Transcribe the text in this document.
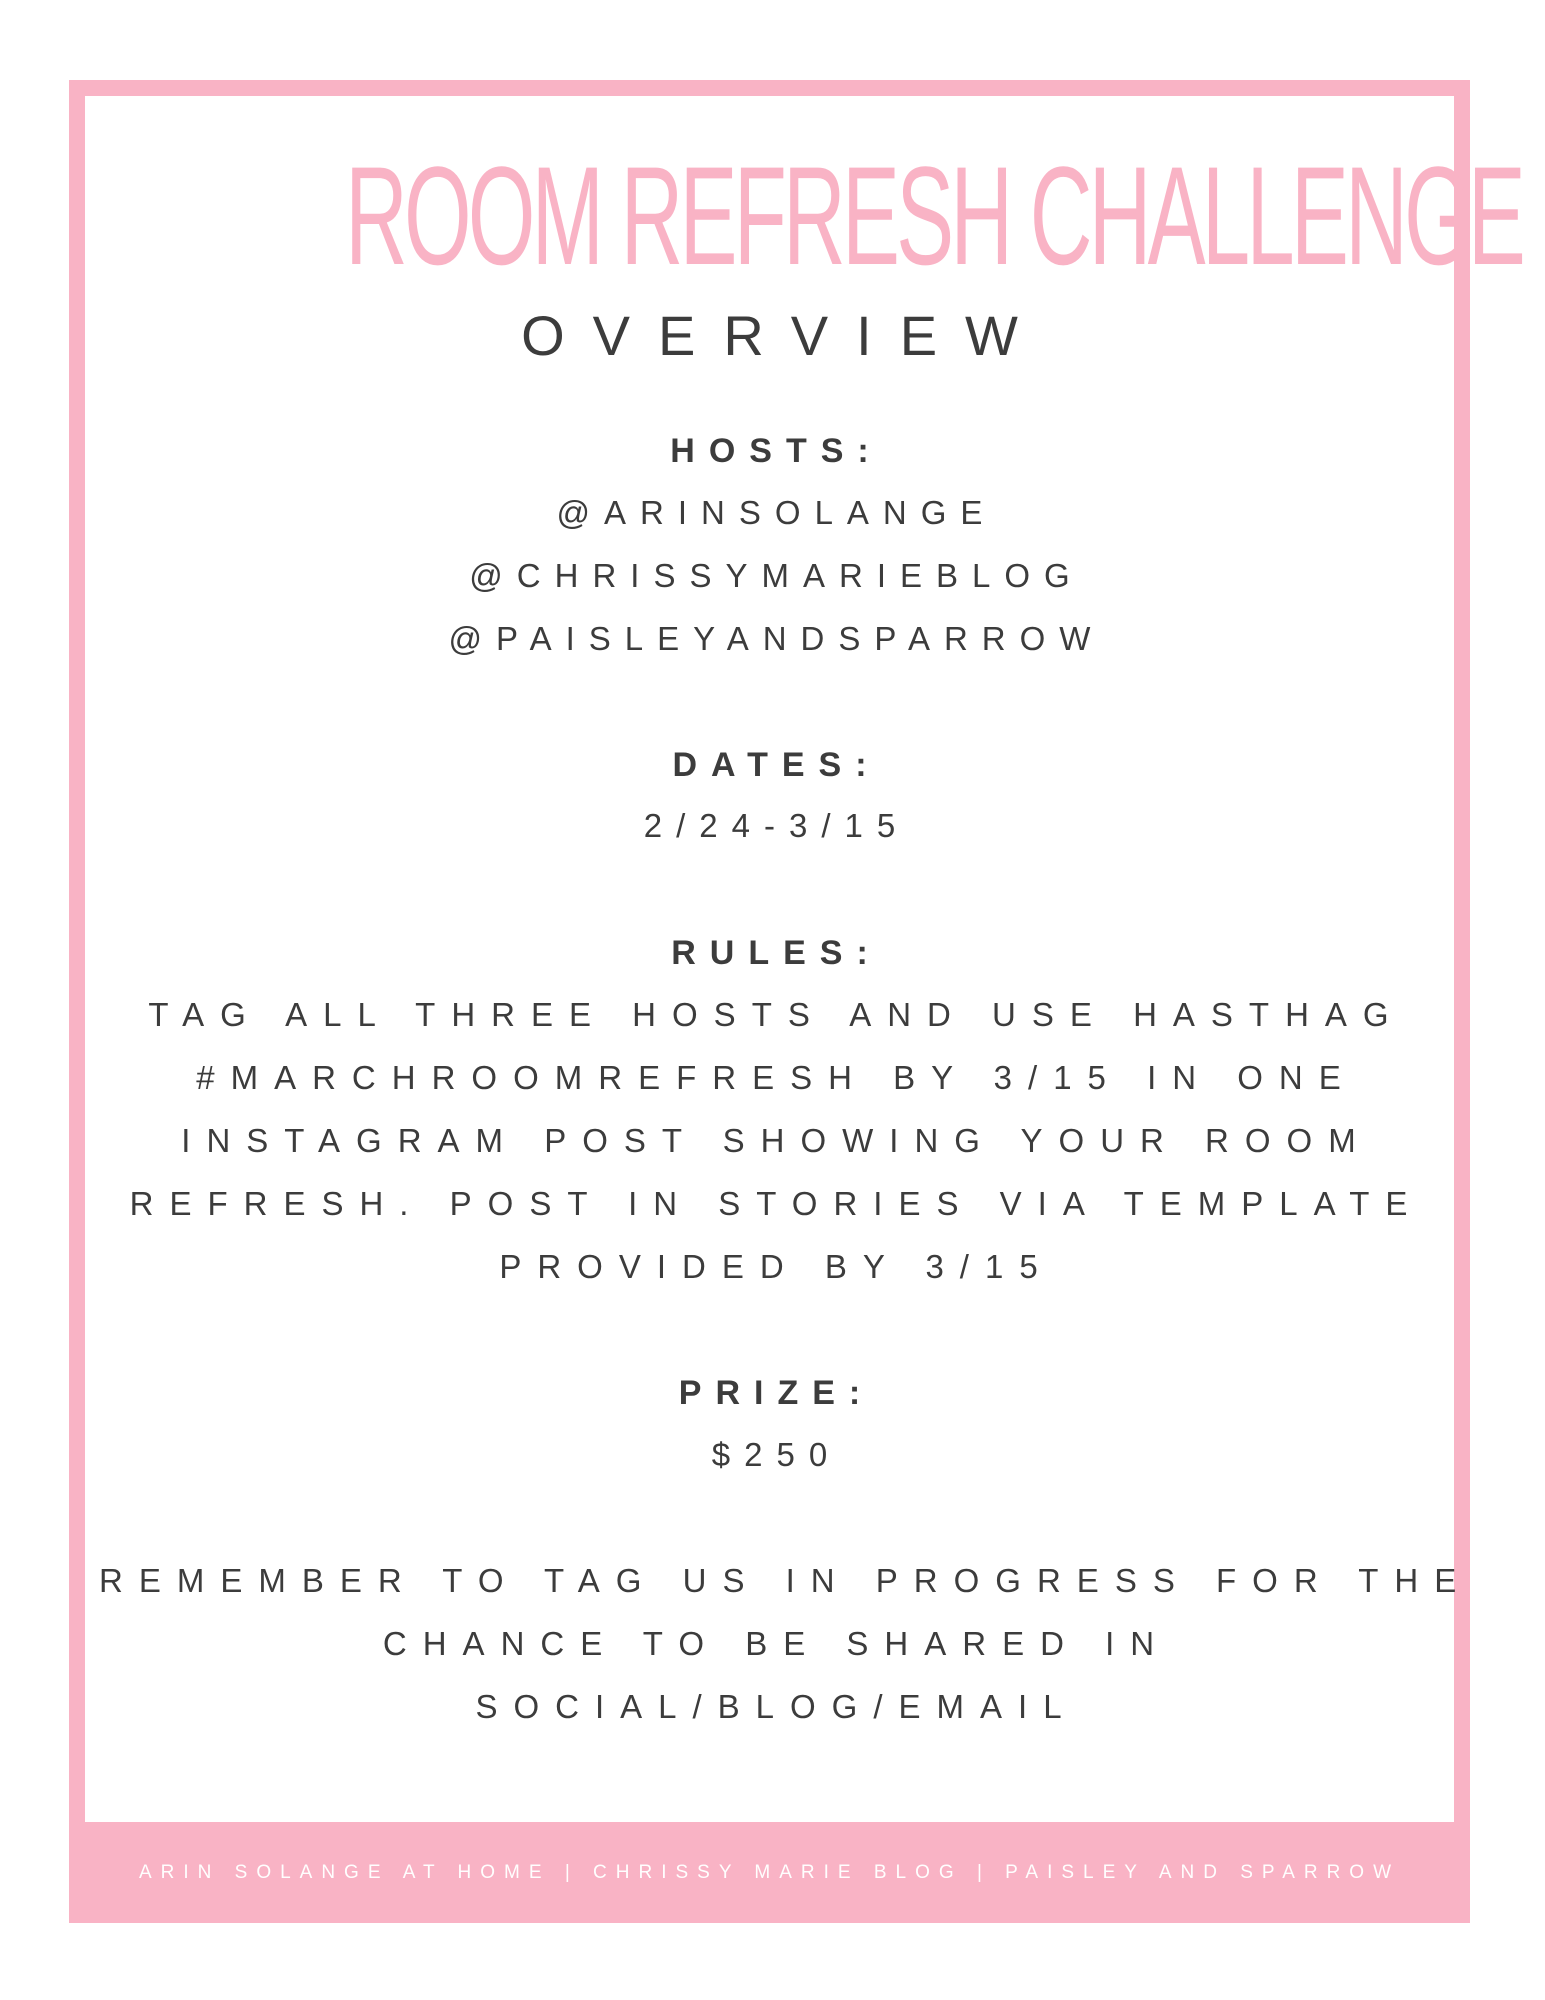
ROOM REFRESH CHALLENGE
OVERVIEW
HOSTS:
@ARINSOLANGE
@CHRISSYMARIEBLOG
@PAISLEYANDSPARROW
DATES:
2/24-3/15
RULES:
TAG ALL THREE HOSTS AND USE HASTHAG
#MARCHROOMREFRESH BY 3/15 IN ONE
INSTAGRAM POST SHOWING YOUR ROOM
REFRESH. POST IN STORIES VIA TEMPLATE
PROVIDED BY 3/15
PRIZE:
$250
REMEMBER TO TAG US IN PROGRESS FOR THE
CHANCE TO BE SHARED IN
SOCIAL/BLOG/EMAIL
ARIN SOLANGE AT HOME | CHRISSY MARIE BLOG | PAISLEY AND SPARROW
